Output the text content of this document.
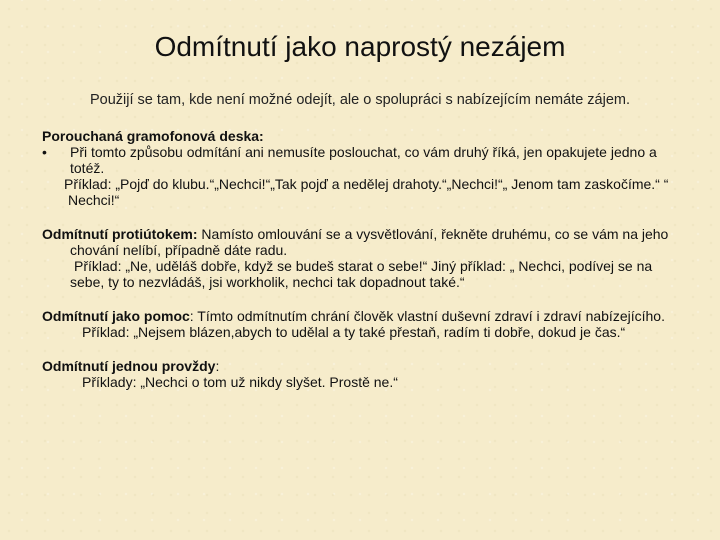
Odmítnutí jako naprostý nezájem
Použijí se tam, kde není možné odejít, ale o spolupráci s nabízejícím nemáte zájem.
Porouchaná gramofonová deska:
• Při tomto způsobu odmítání ani nemusíte poslouchat, co vám druhý říká, jen opakujete jedno a totéž.
Příklad: „Pojď do klubu.“„Nechci!“„Tak pojď a nedělej drahoty.“„Nechci!“„ Jenom tam zaskočíme.“ “ Nechci!“
Odmítnutí protiútokem: Namísto omlouvání se a vysvětlování, řekněte druhému, co se vám na jeho chování nelíbí, případně dáte radu.
Příklad: „Ne, uděláš dobře, když se budeš starat o sebe!“ Jiný příklad: „ Nechci, podívej se na sebe, ty to nezvládáš, jsi workholik, nechci tak dopadnout také.“
Odmítnutí jako pomoc: Tímto odmítnutím chrání člověk vlastní duševní zdraví i zdraví nabízejícího.
Příklad: „Nejsem blázen,abych to udělal a ty také přestaň, radím ti dobře, dokud je čas.“
Odmítnutí jednou provždy:
Příklady: „Nechci o tom už nikdy slyšet. Prostě ne.“
